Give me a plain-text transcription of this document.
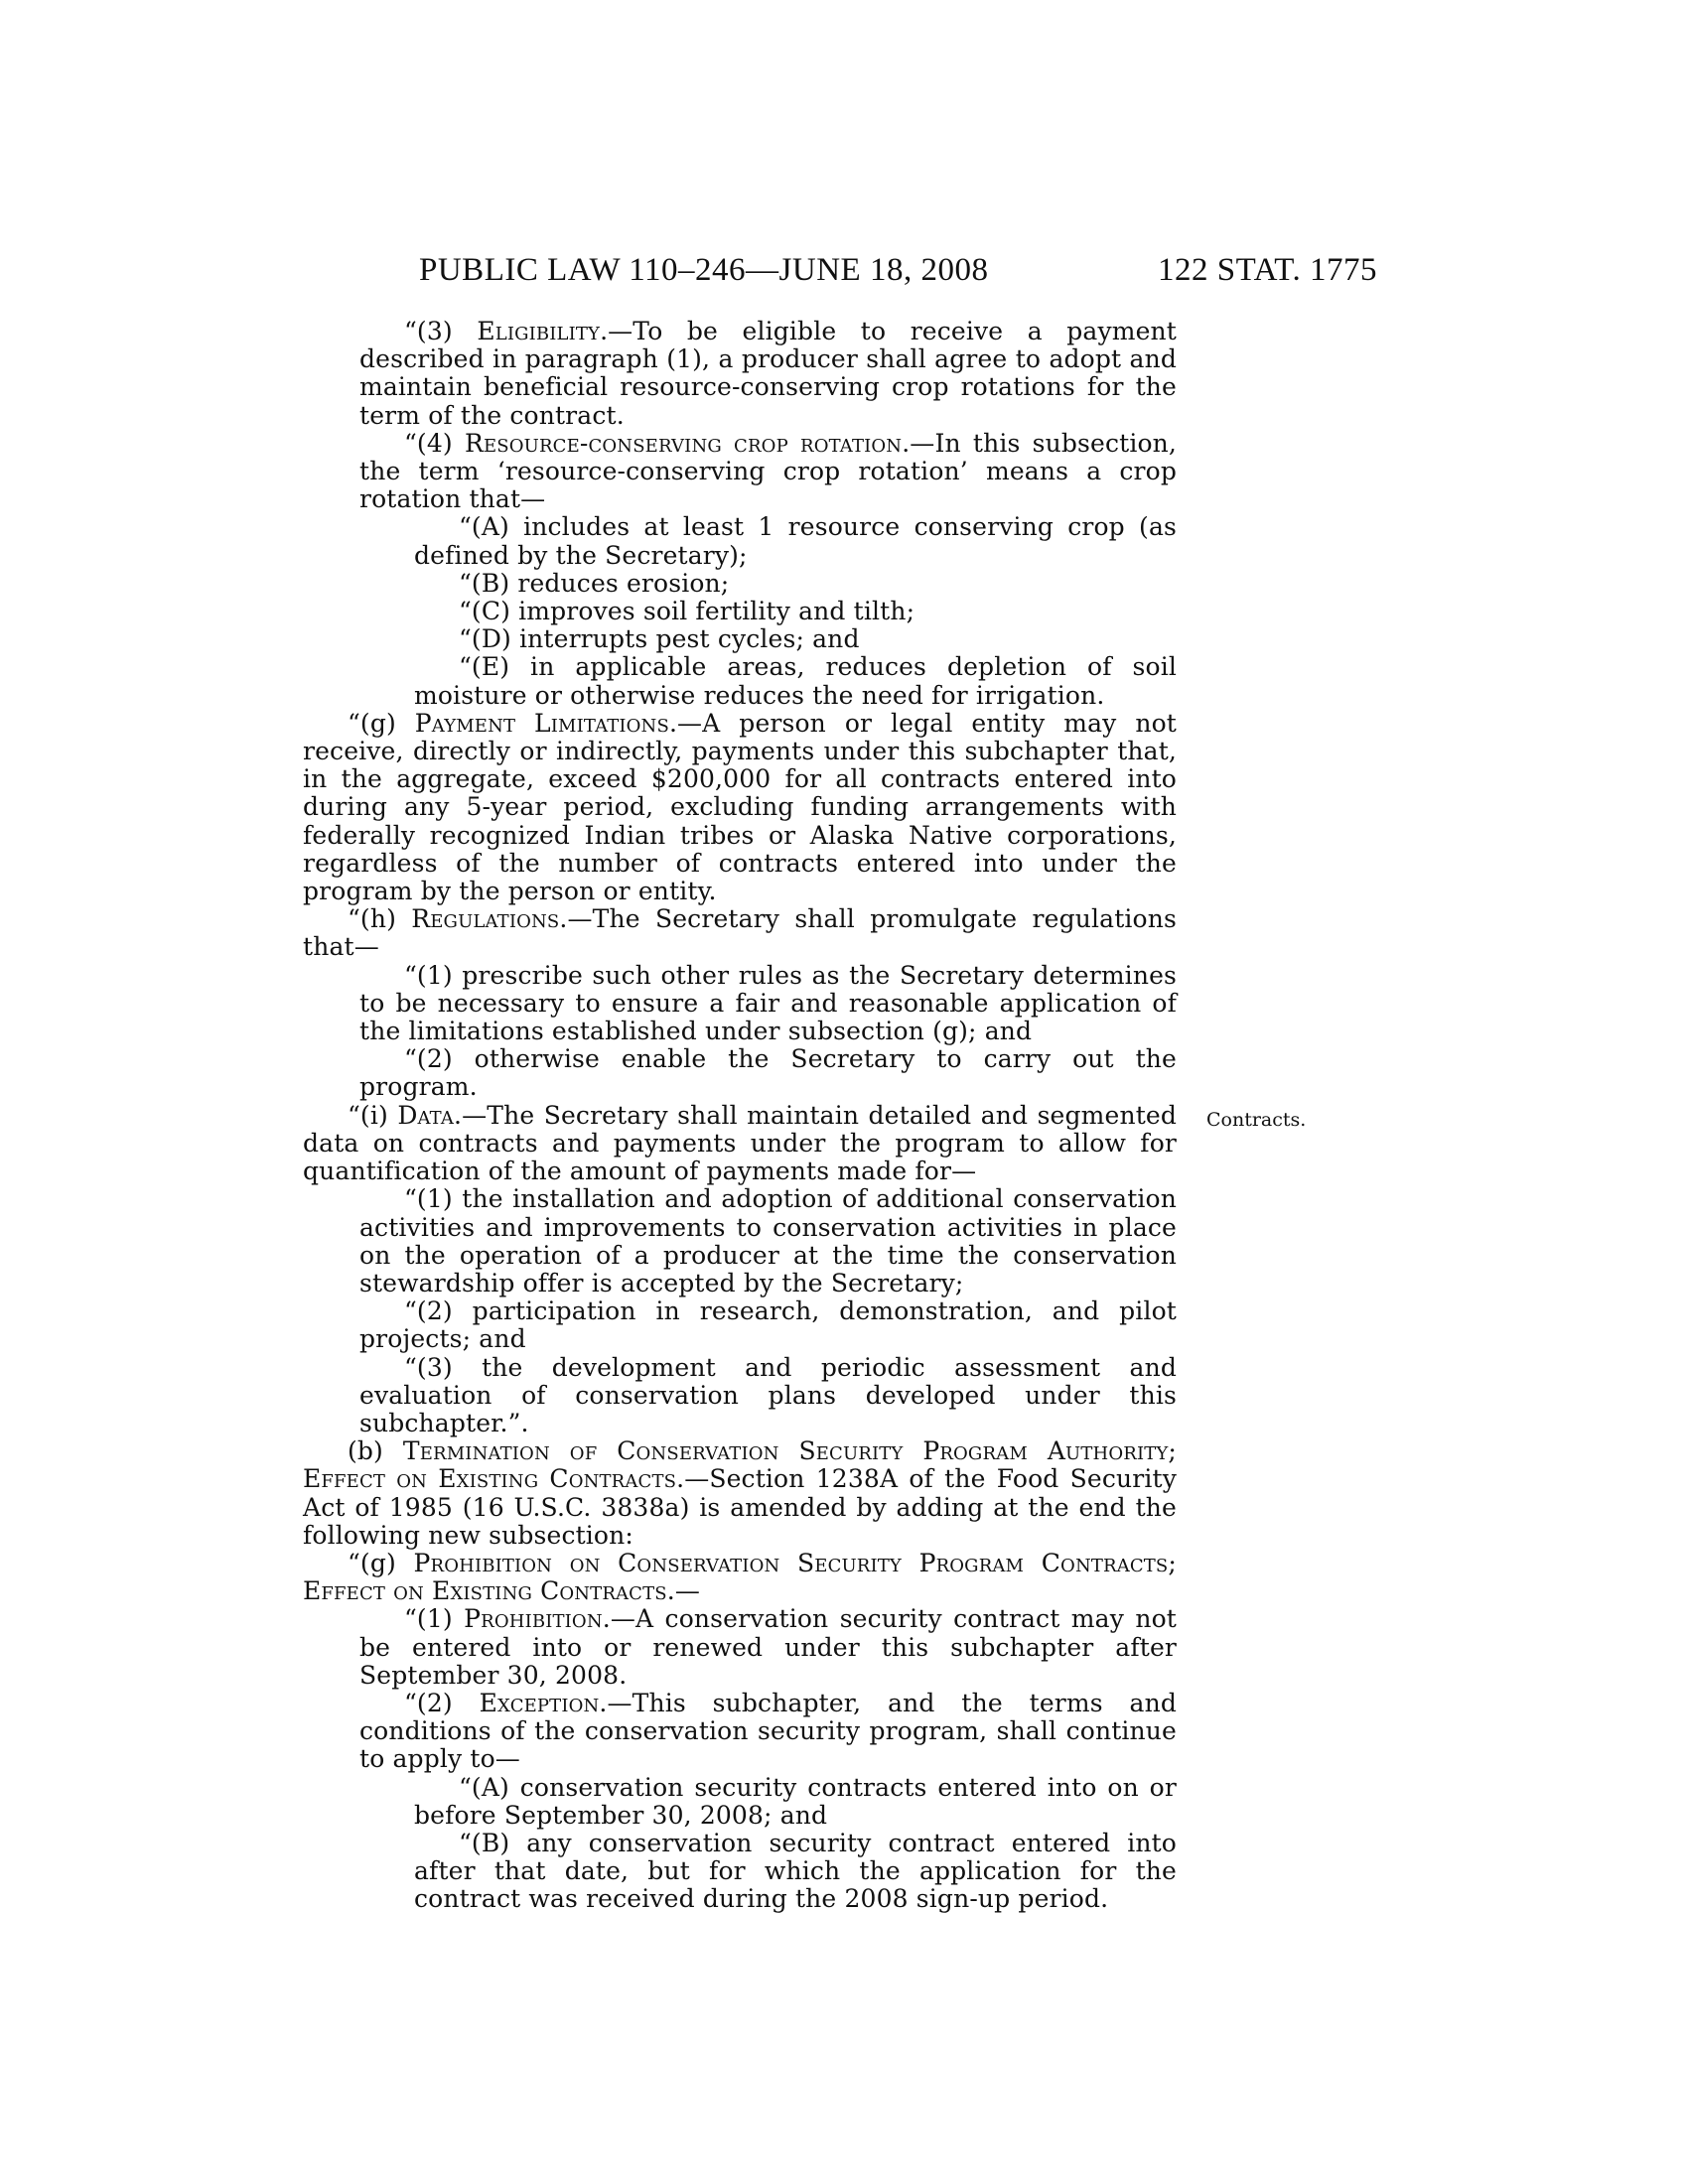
PUBLIC LAW 110–246—JUNE 18, 2008	122 STAT. 1775

“(3) Eligibility.—To be eligible to receive a payment described in paragraph (1), a producer shall agree to adopt and maintain beneficial resource-conserving crop rotations for the term of the contract.

“(4) Resource-conserving crop rotation.—In this subsection, the term ‘resource-conserving crop rotation’ means a crop rotation that—

“(A) includes at least 1 resource conserving crop (as defined by the Secretary);

“(B) reduces erosion;

“(C) improves soil fertility and tilth;

“(D) interrupts pest cycles; and

“(E) in applicable areas, reduces depletion of soil moisture or otherwise reduces the need for irrigation.

“(g) Payment Limitations.—A person or legal entity may not receive, directly or indirectly, payments under this subchapter that, in the aggregate, exceed $200,000 for all contracts entered into during any 5-year period, excluding funding arrangements with federally recognized Indian tribes or Alaska Native corporations, regardless of the number of contracts entered into under the program by the person or entity.

“(h) Regulations.—The Secretary shall promulgate regulations that—

“(1) prescribe such other rules as the Secretary determines to be necessary to ensure a fair and reasonable application of the limitations established under subsection (g); and

“(2) otherwise enable the Secretary to carry out the program.

“(i) Data.—The Secretary shall maintain detailed and segmented data on contracts and payments under the program to allow for quantification of the amount of payments made for—

“(1) the installation and adoption of additional conservation activities and improvements to conservation activities in place on the operation of a producer at the time the conservation stewardship offer is accepted by the Secretary;

“(2) participation in research, demonstration, and pilot projects; and

“(3) the development and periodic assessment and evaluation of conservation plans developed under this subchapter.”.

(b) Termination of Conservation Security Program Authority; Effect on Existing Contracts.—Section 1238A of the Food Security Act of 1985 (16 U.S.C. 3838a) is amended by adding at the end the following new subsection:

“(g) Prohibition on Conservation Security Program Contracts; Effect on Existing Contracts.—

“(1) Prohibition.—A conservation security contract may not be entered into or renewed under this subchapter after September 30, 2008.

“(2) Exception.—This subchapter, and the terms and conditions of the conservation security program, shall continue to apply to—

“(A) conservation security contracts entered into on or before September 30, 2008; and

“(B) any conservation security contract entered into after that date, but for which the application for the contract was received during the 2008 sign-up period.

Contracts.
